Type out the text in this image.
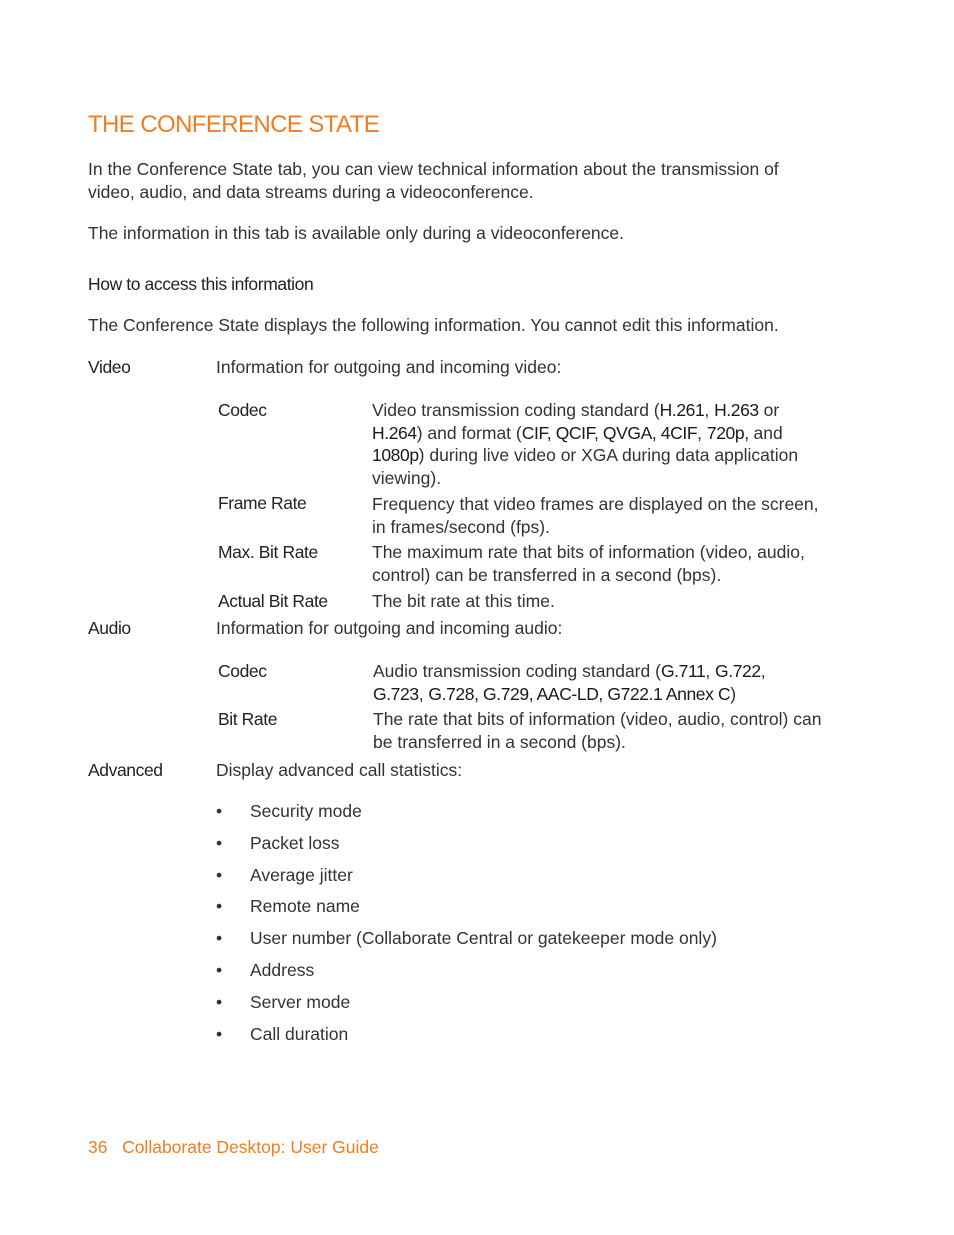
THE CONFERENCE STATE

In the Conference State tab, you can view technical information about the transmission of
video, audio, and data streams during a videoconference.

The information in this tab is available only during a videoconference.

How to access this information

The Conference State displays the following information. You cannot edit this information.

Video	Information for outgoing and incoming video:
Codec	Video transmission coding standard (H.261, H.263 or
H.264) and format (CIF, QCIF, QVGA, 4CIF, 720p, and
1080p) during live video or XGA during data application
viewing).
Frame Rate	Frequency that video frames are displayed on the screen,
in frames/second (fps).
Max. Bit Rate	The maximum rate that bits of information (video, audio,
control) can be transferred in a second (bps).
Actual Bit Rate	The bit rate at this time.
Audio	Information for outgoing and incoming audio:
Codec	Audio transmission coding standard (G.711, G.722,
G.723, G.728, G.729, AAC-LD, G722.1 Annex C)
Bit Rate	The rate that bits of information (video, audio, control) can
be transferred in a second (bps).
Advanced	Display advanced call statistics:
• Security mode
• Packet loss
• Average jitter
• Remote name
• User number (Collaborate Central or gatekeeper mode only)
• Address
• Server mode
• Call duration
36 Collaborate Desktop: User Guide
